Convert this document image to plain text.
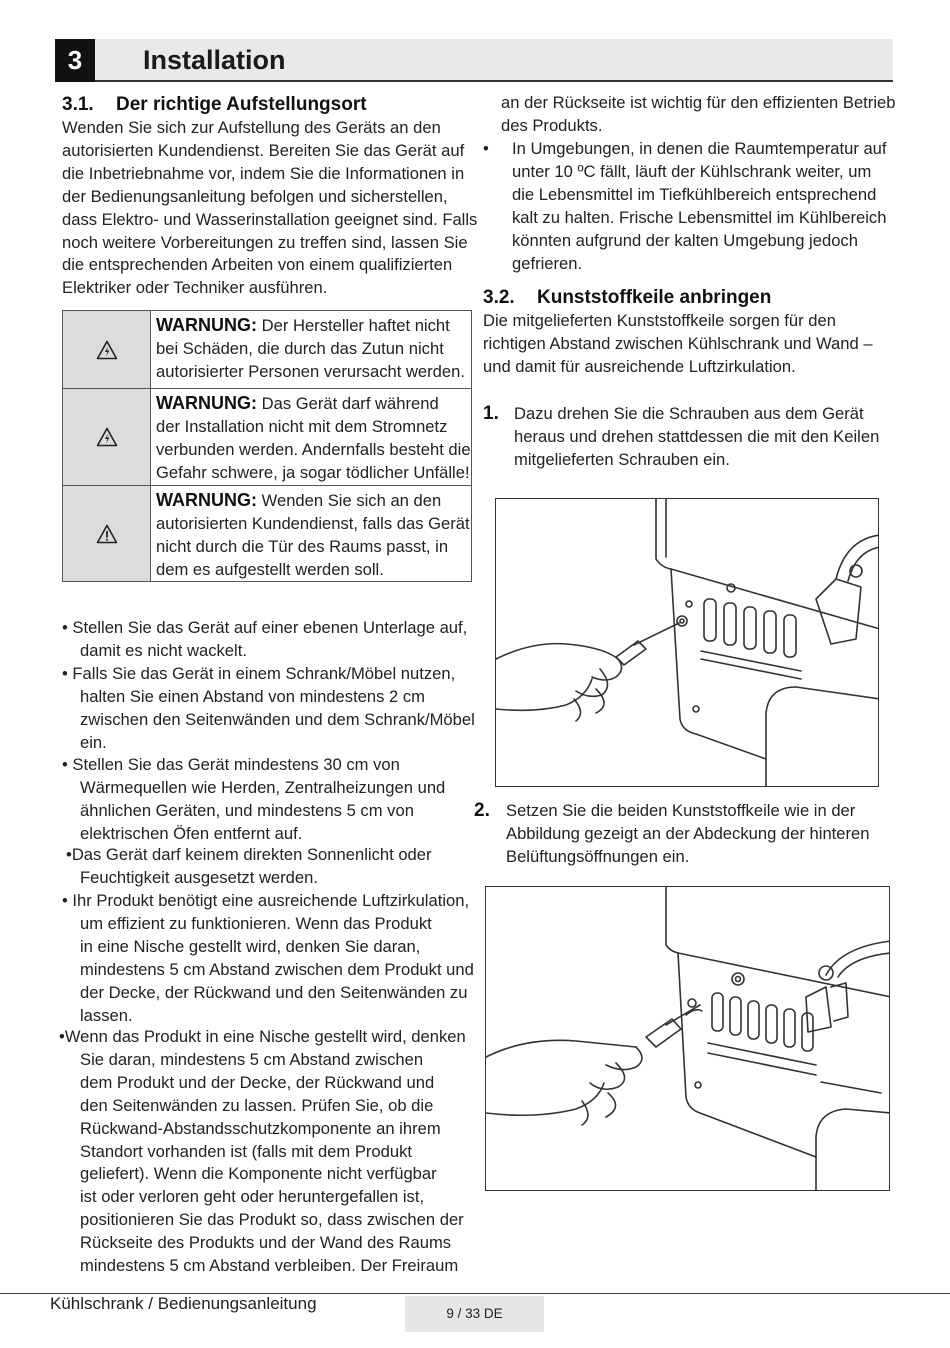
3	Installation
3.1. Der richtige Aufstellungsort
Wenden Sie sich zur Aufstellung des Geräts an den
autorisierten Kundendienst. Bereiten Sie das Gerät auf
die Inbetriebnahme vor, indem Sie die Informationen in
der Bedienungsanleitung befolgen und sicherstellen,
dass Elektro- und Wasserinstallation geeignet sind. Falls
noch weitere Vorbereitungen zu treffen sind, lassen Sie
die entsprechenden Arbeiten von einem qualifizierten
Elektriker oder Techniker ausführen.
WARNUNG: Der Hersteller haftet nicht
bei Schäden, die durch das Zutun nicht
autorisierter Personen verursacht werden.
WARNUNG: Das Gerät darf während
der Installation nicht mit dem Stromnetz
verbunden werden. Andernfalls besteht die
Gefahr schwere, ja sogar tödlicher Unfälle!
WARNUNG: Wenden Sie sich an den
autorisierten Kundendienst, falls das Gerät
nicht durch die Tür des Raums passt, in
dem es aufgestellt werden soll.
• Stellen Sie das Gerät auf einer ebenen Unterlage auf,
damit es nicht wackelt.
• Falls Sie das Gerät in einem Schrank/Möbel nutzen,
halten Sie einen Abstand von mindestens 2 cm
zwischen den Seitenwänden und dem Schrank/Möbel
ein.
• Stellen Sie das Gerät mindestens 30 cm von
Wärmequellen wie Herden, Zentralheizungen und
ähnlichen Geräten, und mindestens 5 cm von
elektrischen Öfen entfernt auf.
•Das Gerät darf keinem direkten Sonnenlicht oder
Feuchtigkeit ausgesetzt werden.
• Ihr Produkt benötigt eine ausreichende Luftzirkulation,
um effizient zu funktionieren. Wenn das Produkt
in eine Nische gestellt wird, denken Sie daran,
mindestens 5 cm Abstand zwischen dem Produkt und
der Decke, der Rückwand und den Seitenwänden zu
lassen.
•Wenn das Produkt in eine Nische gestellt wird, denken
Sie daran, mindestens 5 cm Abstand zwischen
dem Produkt und der Decke, der Rückwand und
den Seitenwänden zu lassen. Prüfen Sie, ob die
Rückwand-Abstandsschutzkomponente an ihrem
Standort vorhanden ist (falls mit dem Produkt
geliefert). Wenn die Komponente nicht verfügbar
ist oder verloren geht oder heruntergefallen ist,
positionieren Sie das Produkt so, dass zwischen der
Rückseite des Produkts und der Wand des Raums
mindestens 5 cm Abstand verbleiben. Der Freiraum
an der Rückseite ist wichtig für den effizienten Betrieb
des Produkts.
• In Umgebungen, in denen die Raumtemperatur auf
unter 10 ºC fällt, läuft der Kühlschrank weiter, um
die Lebensmittel im Tiefkühlbereich entsprechend
kalt zu halten. Frische Lebensmittel im Kühlbereich
könnten aufgrund der kalten Umgebung jedoch
gefrieren.
3.2. Kunststoffkeile anbringen
Die mitgelieferten Kunststoffkeile sorgen für den
richtigen Abstand zwischen Kühlschrank und Wand –
und damit für ausreichende Luftzirkulation.
1. Dazu drehen Sie die Schrauben aus dem Gerät
heraus und drehen stattdessen die mit den Keilen
mitgelieferten Schrauben ein.
2. Setzen Sie die beiden Kunststoffkeile wie in der
Abbildung gezeigt an der Abdeckung der hinteren
Belüftungsöffnungen ein.
Kühlschrank / Bedienungsanleitung
9 / 33 DE
